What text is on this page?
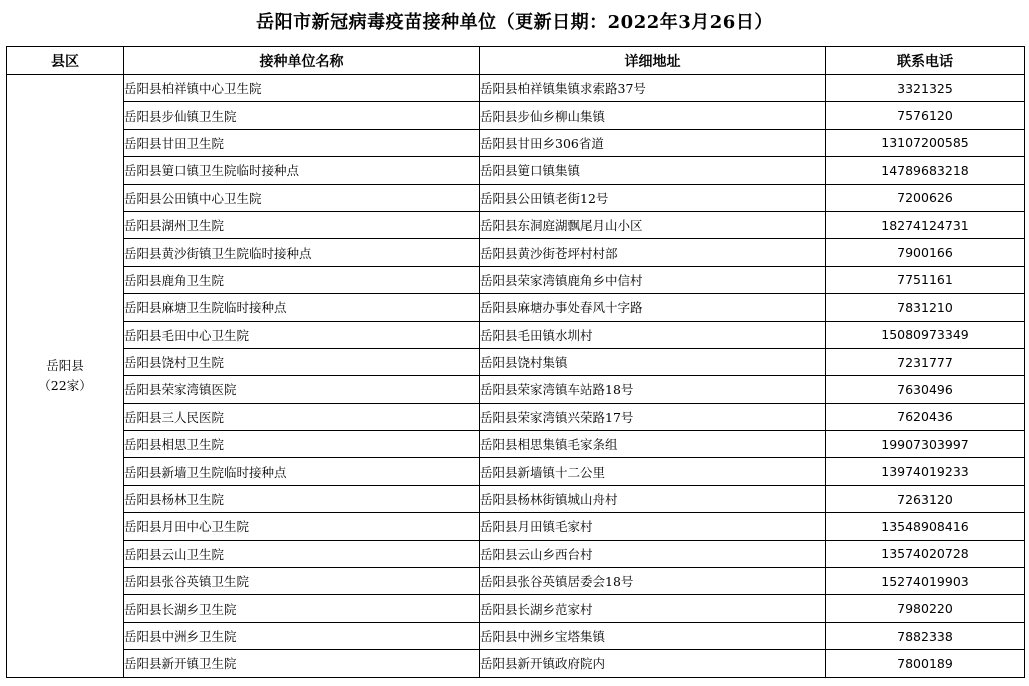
岳阳市新冠病毒疫苗接种单位（更新日期：2022年3月26日）
县区	接种单位名称	详细地址	联系电话

岳阳县
（22家）	岳阳县柏祥镇中心卫生院	岳阳县柏祥镇集镇求索路37号	3321325
	岳阳县步仙镇卫生院	岳阳县步仙乡柳山集镇	7576120
	岳阳县甘田卫生院	岳阳县甘田乡306省道	13107200585
	岳阳县筻口镇卫生院临时接种点	岳阳县筻口镇集镇	14789683218
	岳阳县公田镇中心卫生院	岳阳县公田镇老街12号	7200626
	岳阳县湖州卫生院	岳阳县东洞庭湖飘尾月山小区	18274124731
	岳阳县黄沙街镇卫生院临时接种点	岳阳县黄沙街苍坪村村部	7900166
	岳阳县鹿角卫生院	岳阳县荣家湾镇鹿角乡中信村	7751161
	岳阳县麻塘卫生院临时接种点	岳阳县麻塘办事处春风十字路	7831210
	岳阳县毛田中心卫生院	岳阳县毛田镇水圳村	15080973349
	岳阳县饶村卫生院	岳阳县饶村集镇	7231777
	岳阳县荣家湾镇医院	岳阳县荣家湾镇车站路18号	7630496
	岳阳县三人民医院	岳阳县荣家湾镇兴荣路17号	7620436
	岳阳县相思卫生院	岳阳县相思集镇毛家条组	19907303997
	岳阳县新墙卫生院临时接种点	岳阳县新墙镇十二公里	13974019233
	岳阳县杨林卫生院	岳阳县杨林街镇城山舟村	7263120
	岳阳县月田中心卫生院	岳阳县月田镇毛家村	13548908416
	岳阳县云山卫生院	岳阳县云山乡西台村	13574020728
	岳阳县张谷英镇卫生院	岳阳县张谷英镇居委会18号	15274019903
	岳阳县长湖乡卫生院	岳阳县长湖乡范家村	7980220
	岳阳县中洲乡卫生院	岳阳县中洲乡宝塔集镇	7882338
	岳阳县新开镇卫生院	岳阳县新开镇政府院内	7800189
